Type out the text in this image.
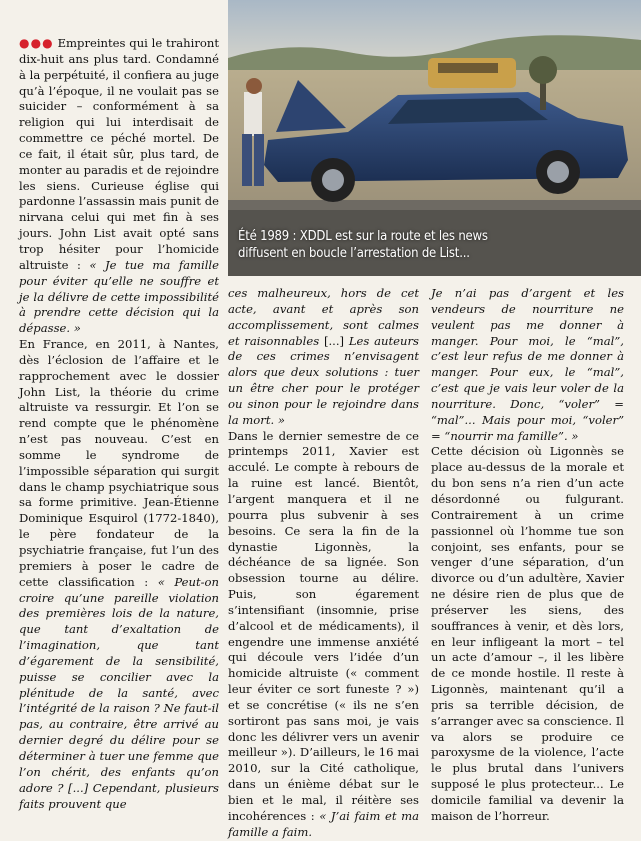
●●● Empreintes qui le trahiront dix-huit ans plus tard. Condamné à la perpétuité, il confiera au juge qu’à l’époque, il ne voulait pas se suicider – conformément à sa religion qui lui interdisait de commettre ce péché mortel. De ce fait, il était sûr, plus tard, de monter au paradis et de rejoindre les siens. Curieuse église qui pardonne l’assassin mais punit de nirvana celui qui met fin à ses jours. John List avait opté sans trop hésiter pour l’homicide altruiste : « Je tue ma famille pour éviter qu’elle ne souffre et je la délivre de cette impossibilité à prendre cette décision qui la dépasse. »

En France, en 2011, à Nantes, dès l’éclosion de l’affaire et le rapprochement avec le dossier John List, la théorie du crime altruiste va ressurgir. Et l’on se rend compte que le phénomène n’est pas nouveau. C’est en somme le syndrome de l’impossible séparation qui surgit dans le champ psychiatrique sous sa forme primitive. Jean-Étienne Dominique Esquirol (1772-1840), le père fondateur de la psychiatrie française, fut l’un des premiers à poser le cadre de cette classification : « Peut-on croire qu’une pareille violation des premières lois de la nature, que tant d’exaltation de l’imagination, que tant d’égarement de la sensibilité, puisse se concilier avec la plénitude de la santé, avec l’intégrité de la raison ? Ne faut-il pas, au contraire, être arrivé au dernier degré du délire pour se déterminer à tuer une femme que l’on chérit, des enfants qu’on adore ? [...] Cependant, plusieurs faits prouvent que

Été 1989 : XDDL est sur la route et les news diffusent en boucle l’arrestation de List...

ces malheureux, hors de cet acte, avant et après son accomplissement, sont calmes et raisonnables [...] Les auteurs de ces crimes n’envisagent alors que deux solutions : tuer un être cher pour le protéger ou sinon pour le rejoindre dans la mort. »

Dans le dernier semestre de ce printemps 2011, Xavier est acculé. Le compte à rebours de la ruine est lancé. Bientôt, l’argent manquera et il ne pourra plus subvenir à ses besoins. Ce sera la fin de la dynastie Ligonnès, la déchéance de sa lignée. Son obsession tourne au délire. Puis, son égarement s’intensifiant (insomnie, prise d’alcool et de médicaments), il engendre une immense anxiété qui découle vers l’idée d’un homicide altruiste (« comment leur éviter ce sort funeste ? ») et se concrétise (« ils ne s’en sortiront pas sans moi, je vais donc les délivrer vers un avenir meilleur »). D’ailleurs, le 16 mai 2010, sur la Cité catholique, dans un énième débat sur le bien et le mal, il réitère ses incohérences : « J’ai faim et ma famille a faim.

Je n’ai pas d’argent et les vendeurs de nourriture ne veulent pas me donner à manger. Pour moi, le “mal”, c’est leur refus de me donner à manger. Pour eux, le “mal”, c’est que je vais leur voler de la nourriture. Donc, “voler” = “mal”... Mais pour moi, “voler” = “nourrir ma famille”. »

Cette décision où Ligonnès se place au-dessus de la morale et du bon sens n’a rien d’un acte désordonné ou fulgurant. Contrairement à un crime passionnel où l’homme tue son conjoint, ses enfants, pour se venger d’une séparation, d’un divorce ou d’un adultère, Xavier ne désire rien de plus que de préserver les siens, des souffrances à venir, et dès lors, en leur infligeant la mort – tel un acte d’amour –, il les libère de ce monde hostile. Il reste à Ligonnès, maintenant qu’il a pris sa terrible décision, de s’arranger avec sa conscience. Il va alors se produire ce paroxysme de la violence, l’acte le plus brutal dans l’univers supposé le plus protecteur... Le domicile familial va devenir la maison de l’horreur.
